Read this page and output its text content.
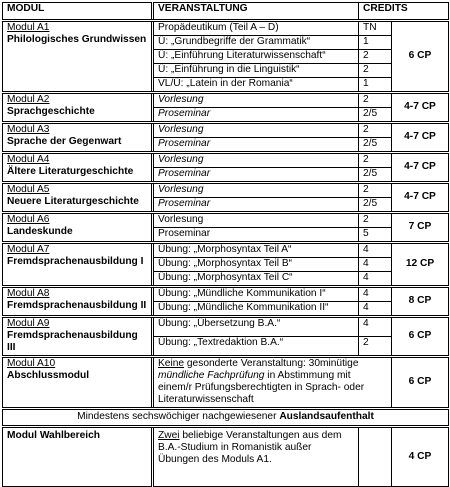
MODUL	VERANSTALTUNG	CREDITS	

Modul A1
Philologisches Grundwissen	Propädeutikum (Teil A – D)	TN	6 CP
	Ü: „Grundbegriffe der Grammatik“	1	
	Ü: „Einführung Literaturwissenschaft“	2	
	Ü: „Einführung in die Linguistik“	2	
	VL/Ü: „Latein in der Romania“	1	

Modul A2
Sprachgeschichte	Vorlesung	2	4-7 CP
	Proseminar	2/5	

Modul A3
Sprache der Gegenwart	Vorlesung	2	4-7 CP
	Proseminar	2/5	

Modul A4
Ältere Literaturgeschichte	Vorlesung	2	4-7 CP
	Proseminar	2/5	

Modul A5
Neuere Literaturgeschichte	Vorlesung	2	4-7 CP
	Proseminar	2/5	

Modul A6
Landeskunde	Vorlesung	2	7 CP
	Proseminar	5	

Modul A7
Fremdsprachenausbildung I	Übung: „Morphosyntax Teil A“	4	12 CP
	Übung: „Morphosyntax Teil B“	4	
	Übung: „Morphosyntax Teil C“	4	

Modul A8
Fremdsprachenausbildung II	Übung: „Mündliche Kommunikation I“	4	8 CP
	Übung: „Mündliche Kommunikation II“	4	

Modul A9
Fremdsprachenausbildung III	Übung: „Übersetzung B.A.“	4	6 CP
	Übung: „Textredaktion B.A.“	2	

Modul A10
Abschlussmodul	Keine gesonderte Veranstaltung: 30minütige mündliche Fachprüfung in Abstimmung mit einem/r Prüfungsberechtigten in Sprach- oder Literaturwissenschaft		6 CP
Mindestens sechswöchiger nachgewiesener Auslandsaufenthalt			
Modul Wahlbereich	Zwei beliebige Veranstaltungen aus dem B.A.-Studium in Romanistik außer Übungen des Moduls A1.		4 CP
